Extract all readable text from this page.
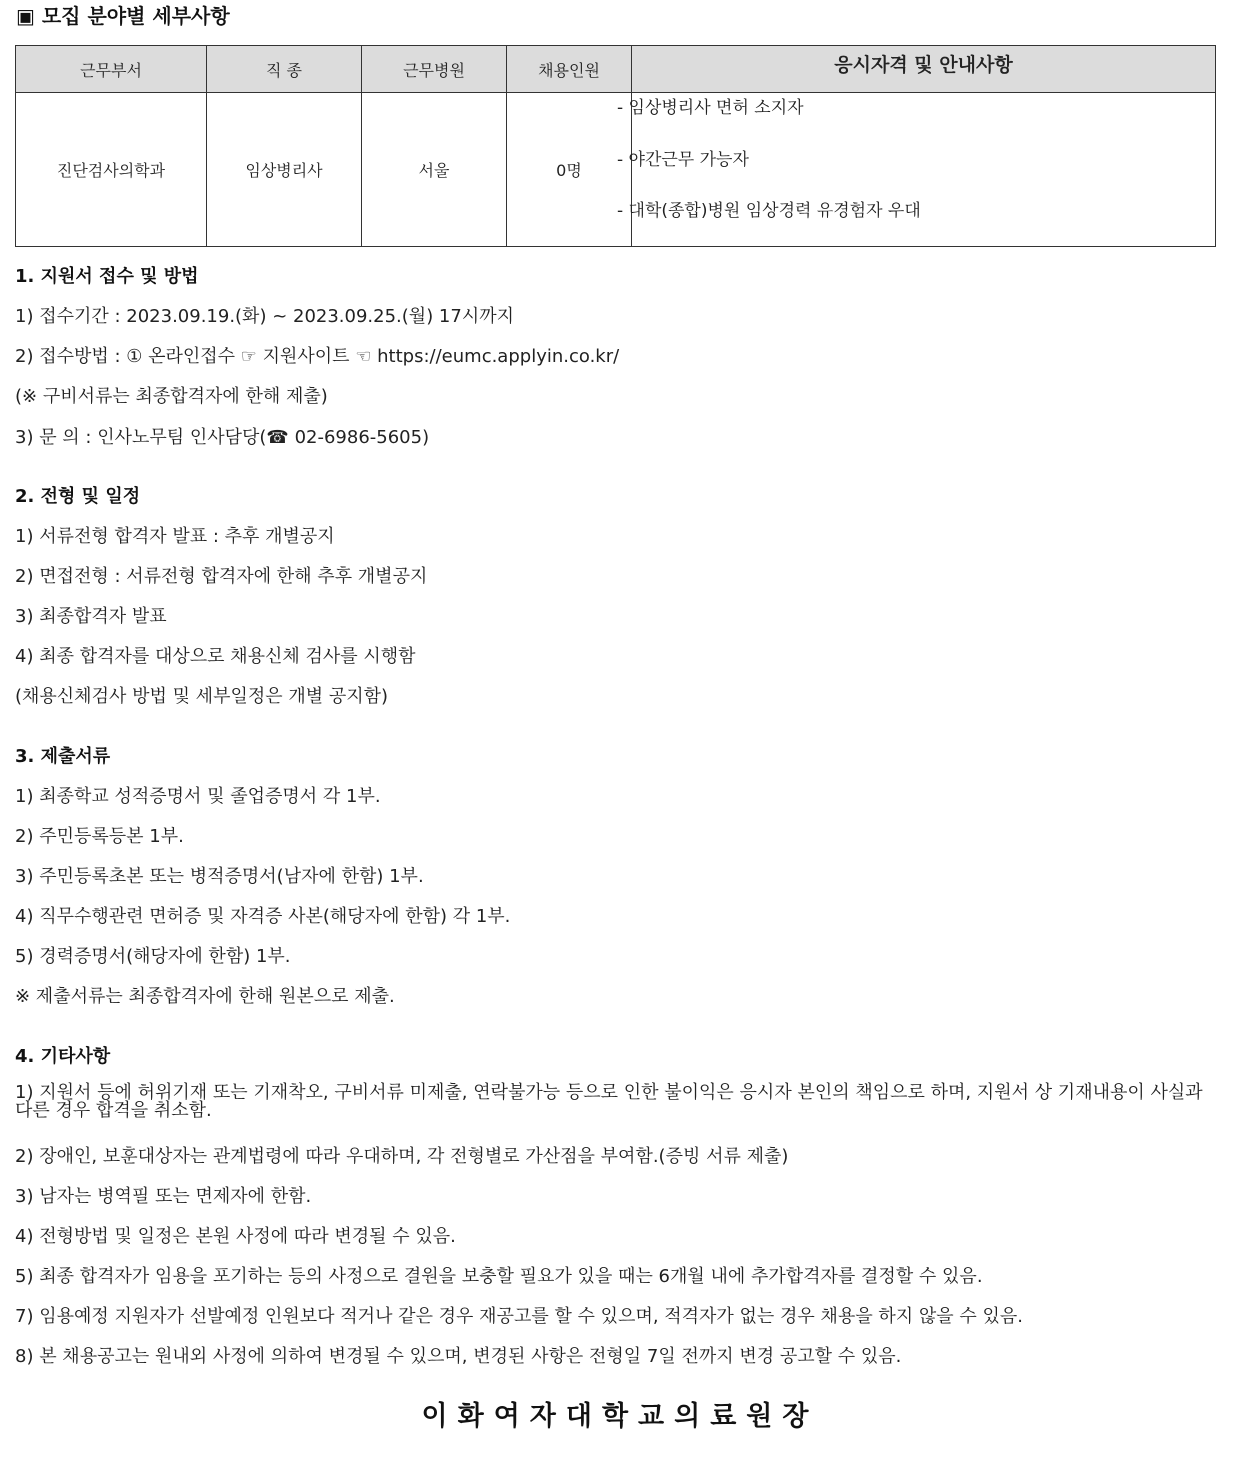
▣ 모집 분야별 세부사항
근무부서	직 종	근무병원	채용인원	응시자격 및 안내사항
진단검사의학과	임상병리사	서울	0명	
- 임상병리사 면허 소지자
- 야간근무 가능자
- 대학(종합)병원 임상경력 유경험자 우대
1. 지원서 접수 및 방법
1) 접수기간 : 2023.09.19.(화) ~ 2023.09.25.(월) 17시까지
2) 접수방법 : ① 온라인접수 ☞ 지원사이트 ☜ https://eumc.applyin.co.kr/
(※ 구비서류는 최종합격자에 한해 제출)
3) 문 의 : 인사노무팀 인사담당(☎ 02-6986-5605)
2. 전형 및 일정
1) 서류전형 합격자 발표 : 추후 개별공지
2) 면접전형 : 서류전형 합격자에 한해 추후 개별공지
3) 최종합격자 발표
4) 최종 합격자를 대상으로 채용신체 검사를 시행함
(채용신체검사 방법 및 세부일정은 개별 공지함)
3. 제출서류
1) 최종학교 성적증명서 및 졸업증명서 각 1부.
2) 주민등록등본 1부.
3) 주민등록초본 또는 병적증명서(남자에 한함) 1부.
4) 직무수행관련 면허증 및 자격증 사본(해당자에 한함) 각 1부.
5) 경력증명서(해당자에 한함) 1부.
※ 제출서류는 최종합격자에 한해 원본으로 제출.
4. 기타사항
1) 지원서 등에 허위기재 또는 기재착오, 구비서류 미제출, 연락불가능 등으로 인한 불이익은 응시자 본인의 책임으로 하며, 지원서 상 기재내용이 사실과 다른 경우 합격을 취소함.
2) 장애인, 보훈대상자는 관계법령에 따라 우대하며, 각 전형별로 가산점을 부여함.(증빙 서류 제출)
3) 남자는 병역필 또는 면제자에 한함.
4) 전형방법 및 일정은 본원 사정에 따라 변경될 수 있음.
5) 최종 합격자가 임용을 포기하는 등의 사정으로 결원을 보충할 필요가 있을 때는 6개월 내에 추가합격자를 결정할 수 있음.
7) 임용예정 지원자가 선발예정 인원보다 적거나 같은 경우 재공고를 할 수 있으며, 적격자가 없는 경우 채용을 하지 않을 수 있음.
8) 본 채용공고는 원내외 사정에 의하여 변경될 수 있으며, 변경된 사항은 전형일 7일 전까지 변경 공고할 수 있음.
이화여자대학교의료원장
